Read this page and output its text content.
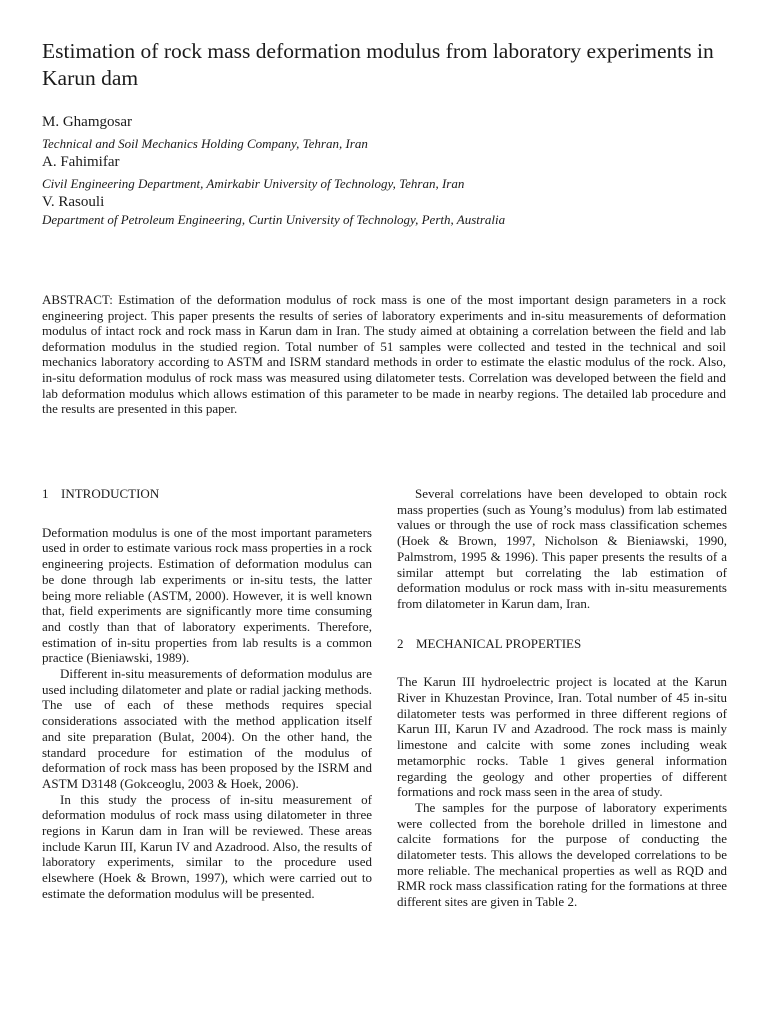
Estimation of rock mass deformation modulus from laboratory experiments in Karun dam
M. Ghamgosar
Technical and Soil Mechanics Holding Company, Tehran, Iran
A. Fahimifar
Civil Engineering Department, Amirkabir University of Technology, Tehran, Iran
V. Rasouli
Department of Petroleum Engineering, Curtin University of Technology, Perth, Australia

ABSTRACT: Estimation of the deformation modulus of rock mass is one of the most important design parameters in a rock engineering project. This paper presents the results of series of laboratory experiments and in-situ measurements of deformation modulus of intact rock and rock mass in Karun dam in Iran. The study aimed at obtaining a correlation between the field and lab deformation modulus in the studied region. Total number of 51 samples were collected and tested in the technical and soil mechanics laboratory according to ASTM and ISRM standard methods in order to estimate the elastic modulus of the rock. Also, in-situ deformation modulus of rock mass was measured using dilatometer tests. Correlation was developed between the field and lab deformation modulus which allows estimation of this parameter to be made in nearby regions. The detailed lab procedure and the results are presented in this paper.

1 INTRODUCTION

Deformation modulus is one of the most important parameters used in order to estimate various rock mass properties in a rock engineering projects. Estimation of deformation modulus can be done through lab experiments or in-situ tests, the latter being more reliable (ASTM, 2000). However, it is well known that, field experiments are significantly more time consuming and costly than that of laboratory experiments. Therefore, estimation of in-situ properties from lab results is a common practice (Bieniawski, 1989).

Different in-situ measurements of deformation modulus are used including dilatometer and plate or radial jacking methods. The use of each of these methods requires special considerations associated with the method application itself and site preparation (Bulat, 2004). On the other hand, the standard procedure for estimation of the modulus of deformation of rock mass has been proposed by the ISRM and ASTM D3148 (Gokceoglu, 2003 & Hoek, 2006).

In this study the process of in-situ measurement of deformation modulus of rock mass using dilatometer in three regions in Karun dam in Iran will be reviewed. These areas include Karun III, Karun IV and Azadrood. Also, the results of laboratory experiments, similar to the procedure used elsewhere (Hoek & Brown, 1997), which were carried out to estimate the deformation modulus will be presented.

Several correlations have been developed to obtain rock mass properties (such as Young’s modulus) from lab estimated values or through the use of rock mass classification schemes (Hoek & Brown, 1997, Nicholson & Bieniawski, 1990, Palmstrom, 1995 & 1996). This paper presents the results of a similar attempt but correlating the lab estimation of deformation modulus or rock mass with in-situ measurements from dilatometer in Karun dam, Iran.

2 MECHANICAL PROPERTIES

The Karun III hydroelectric project is located at the Karun River in Khuzestan Province, Iran. Total number of 45 in-situ dilatometer tests was performed in three different regions of Karun III, Karun IV and Azadrood. The rock mass is mainly limestone and calcite with some zones including weak metamorphic rocks. Table 1 gives general information regarding the geology and other properties of different formations and rock mass seen in the area of study.

The samples for the purpose of laboratory experiments were collected from the borehole drilled in limestone and calcite formations for the purpose of conducting the dilatometer tests. This allows the developed correlations to be more reliable. The mechanical properties as well as RQD and RMR rock mass classification rating for the formations at three different sites are given in Table 2.
